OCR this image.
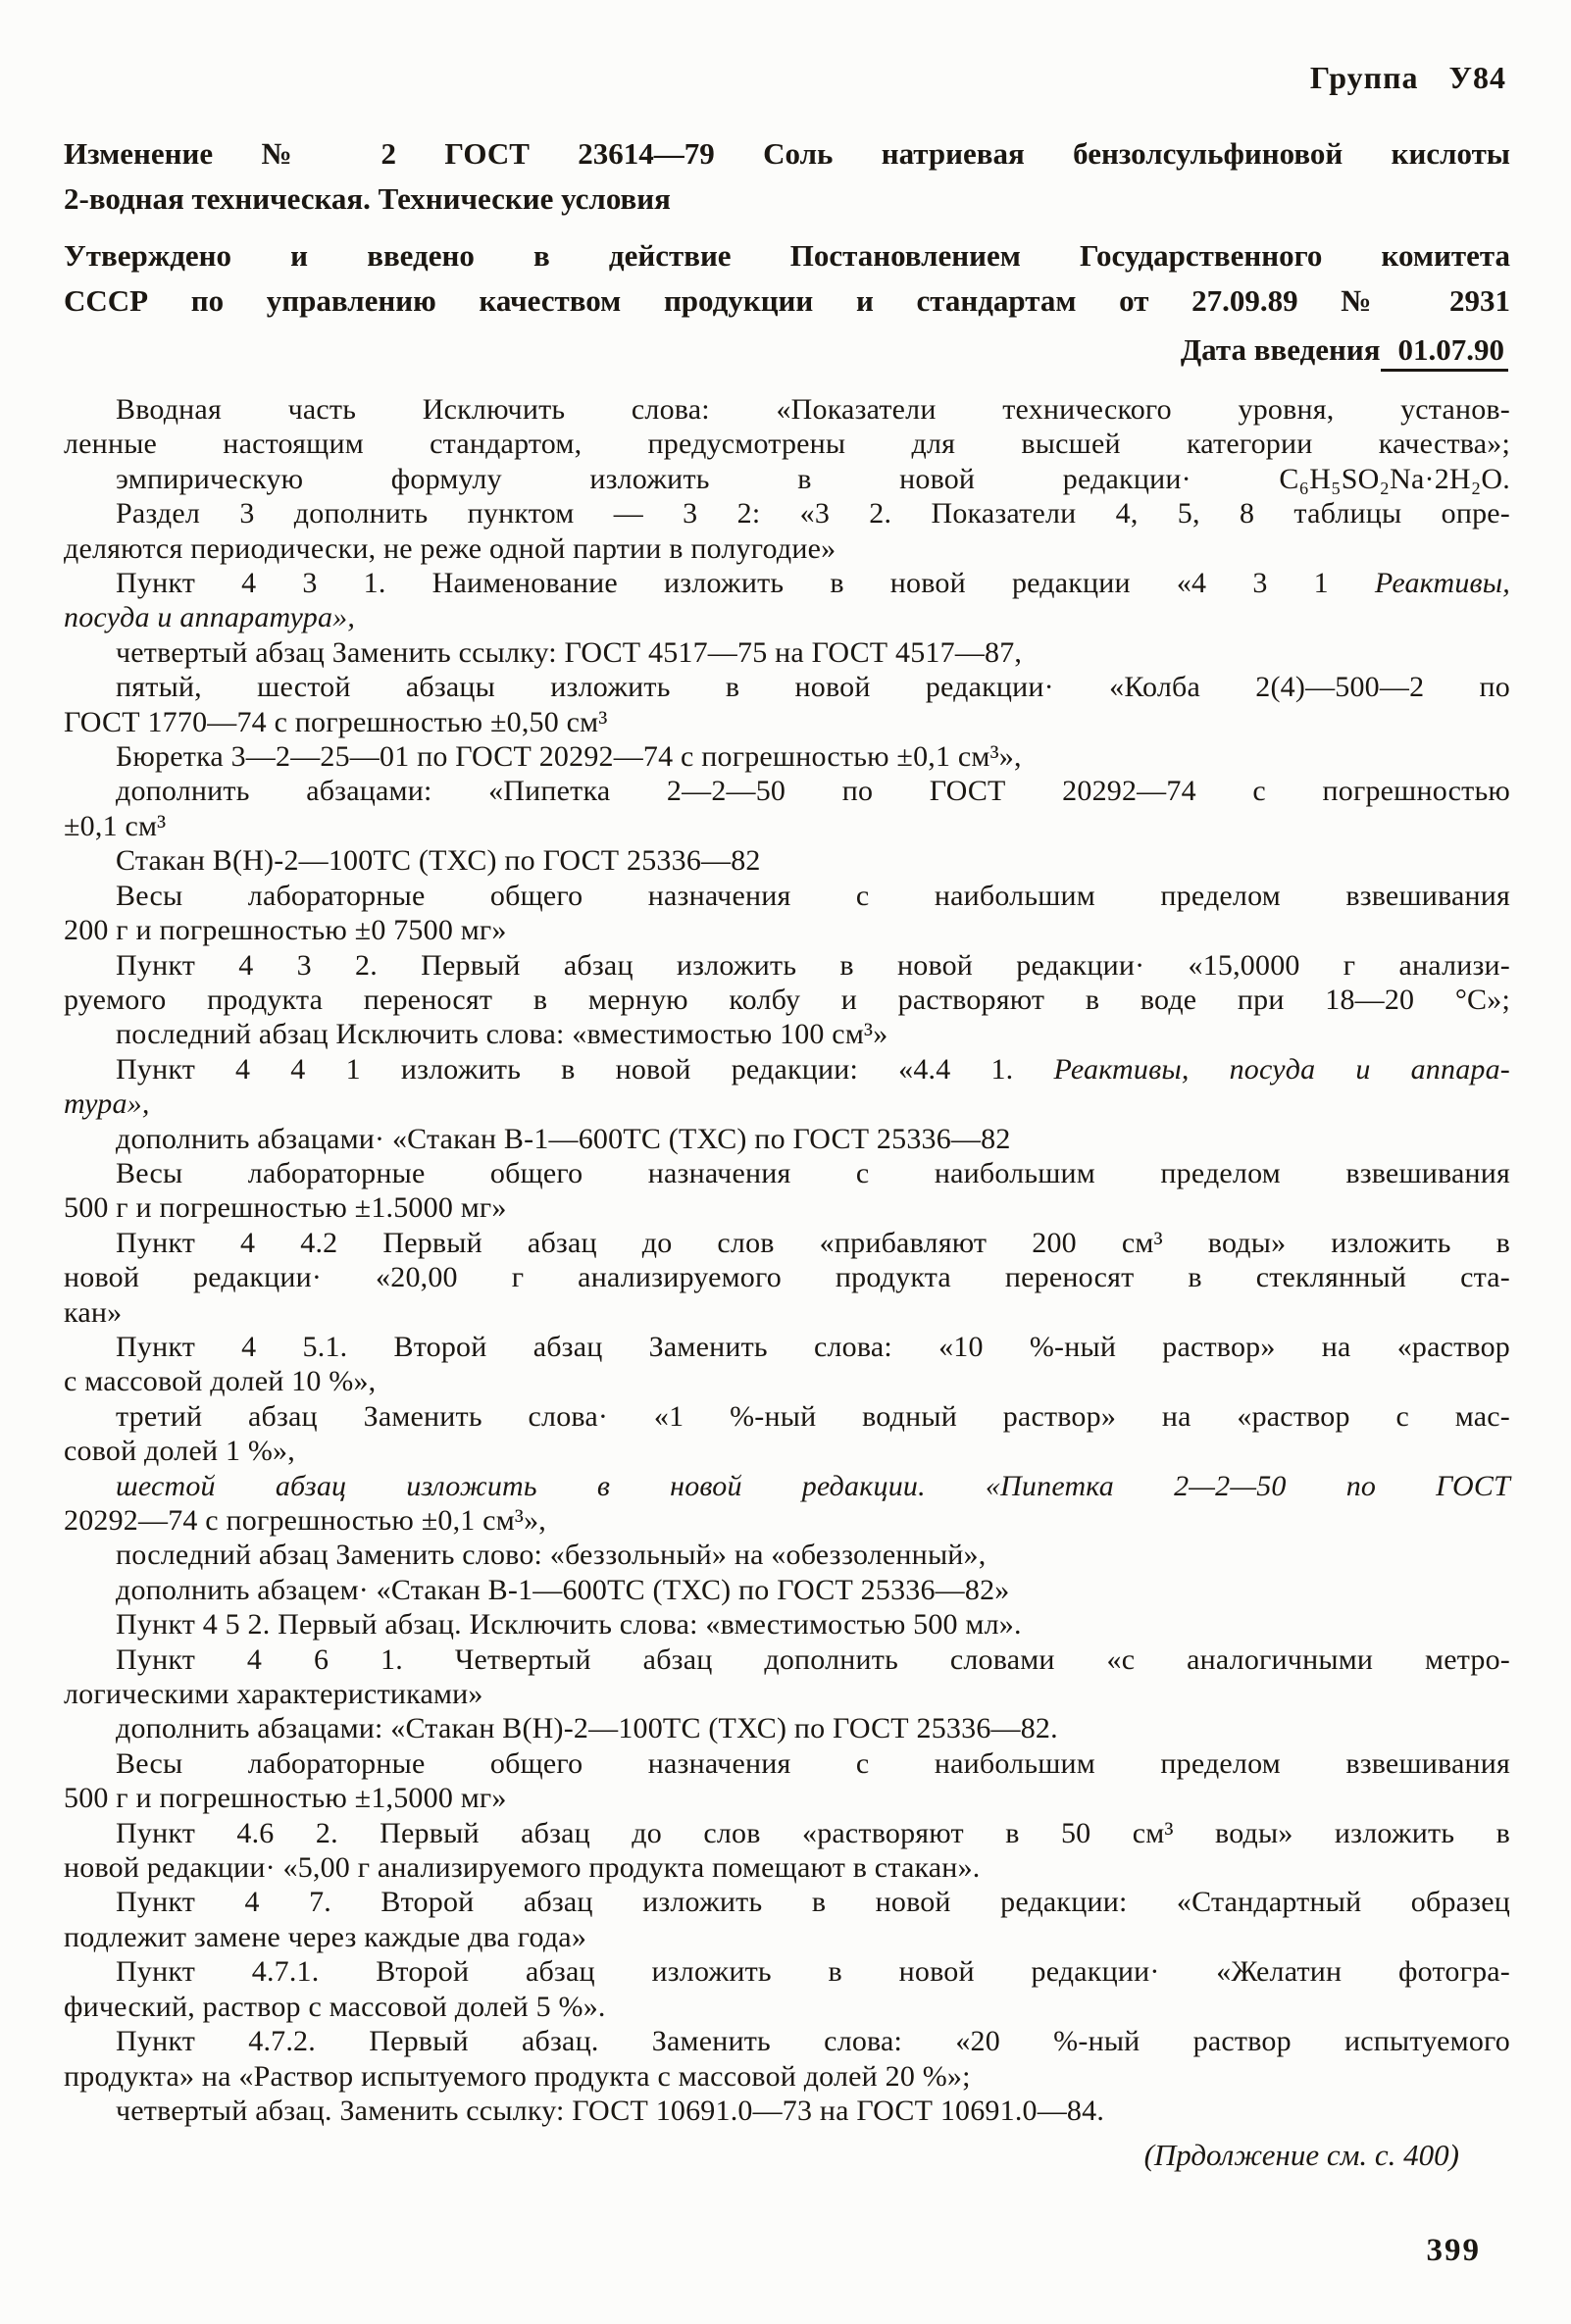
Группа У84
Изменение № 2 ГОСТ 23614—79 Соль натриевая бензолсульфиновой кислоты
2-водная техническая. Технические условия
Утверждено и введено в действие Постановлением Государственного комитета
СССР по управлению качеством продукции и стандартам от 27.09.89 № 2931
Дата введения 01.07.90
Вводная часть Исключить слова: «Показатели технического уровня, установ-
ленные настоящим стандартом, предусмотрены для высшей категории качества»;
эмпирическую формулу изложить в новой редакции· C₆H₅SO₂Na·2H₂O.
Раздел 3 дополнить пунктом — 3 2: «3 2. Показатели 4, 5, 8 таблицы опре-
деляются периодически, не реже одной партии в полугодие»
Пункт 4 3 1. Наименование изложить в новой редакции «4 3 1 Реактивы,
посуда и аппаратура»,
четвертый абзац Заменить ссылку: ГОСТ 4517—75 на ГОСТ 4517—87,
пятый, шестой абзацы изложить в новой редакции· «Колба 2(4)—500—2 по
ГОСТ 1770—74 с погрешностью ±0,50 см³
Бюретка 3—2—25—01 по ГОСТ 20292—74 с погрешностью ±0,1 см³»,
дополнить абзацами: «Пипетка 2—2—50 по ГОСТ 20292—74 с погрешностью
±0,1 см³
Стакан В(Н)-2—100ТС (ТХС) по ГОСТ 25336—82
Весы лабораторные общего назначения с наибольшим пределом взвешивания
200 г и погрешностью ±0 7500 мг»
Пункт 4 3 2. Первый абзац изложить в новой редакции· «15,0000 г анализи-
руемого продукта переносят в мерную колбу и растворяют в воде при 18—20 °С»;
последний абзац Исключить слова: «вместимостью 100 см³»
Пункт 4 4 1 изложить в новой редакции: «4.4 1. Реактивы, посуда и аппара-
тура»,
дополнить абзацами· «Стакан В-1—600ТС (ТХС) по ГОСТ 25336—82
Весы лабораторные общего назначения с наибольшим пределом взвешивания
500 г и погрешностью ±1.5000 мг»
Пункт 4 4.2 Первый абзац до слов «прибавляют 200 см³ воды» изложить в
новой редакции· «20,00 г анализируемого продукта переносят в стеклянный ста-
кан»
Пункт 4 5.1. Второй абзац Заменить слова: «10 %-ный раствор» на «раствор
с массовой долей 10 %»,
третий абзац Заменить слова· «1 %-ный водный раствор» на «раствор с мас-
совой долей 1 %»,
шестой абзац изложить в новой редакции. «Пипетка 2—2—50 по ГОСТ
20292—74 с погрешностью ±0,1 см³»,
последний абзац Заменить слово: «беззольный» на «обеззоленный»,
дополнить абзацем· «Стакан В-1—600ТС (ТХС) по ГОСТ 25336—82»
Пункт 4 5 2. Первый абзац. Исключить слова: «вместимостью 500 мл».
Пункт 4 6 1. Четвертый абзац дополнить словами «с аналогичными метро-
логическими характеристиками»
дополнить абзацами: «Стакан В(Н)-2—100ТС (ТХС) по ГОСТ 25336—82.
Весы лабораторные общего назначения с наибольшим пределом взвешивания
500 г и погрешностью ±1,5000 мг»
Пункт 4.6 2. Первый абзац до слов «растворяют в 50 см³ воды» изложить в
новой редакции· «5,00 г анализируемого продукта помещают в стакан».
Пункт 4 7. Второй абзац изложить в новой редакции: «Стандартный образец
подлежит замене через каждые два года»
Пункт 4.7.1. Второй абзац изложить в новой редакции· «Желатин фотогра-
фический, раствор с массовой долей 5 %».
Пункт 4.7.2. Первый абзац. Заменить слова: «20 %-ный раствор испытуемого
продукта» на «Раствор испытуемого продукта с массовой долей 20 %»;
четвертый абзац. Заменить ссылку: ГОСТ 10691.0—73 на ГОСТ 10691.0—84.
(Прдолжение см. с. 400)
399
